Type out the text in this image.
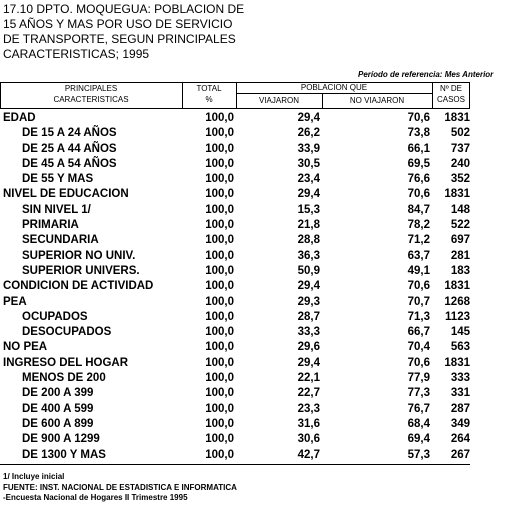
17.10 DPTO. MOQUEGUA: POBLACION DE
15 AÑOS Y MAS POR USO DE SERVICIO
DE TRANSPORTE, SEGUN PRINCIPALES
CARACTERISTICAS; 1995
Período de referencia: Mes Anterior
PRINCIPALES
CARACTERISTICAS
TOTAL
%
POBLACION QUE
VIAJARON	NO VIAJARON
Nº DE
CASOS
EDAD	100,0	29,4	70,6	1831
DE 15 A 24 AÑOS	100,0	26,2	73,8	502
DE 25 A 44 AÑOS	100,0	33,9	66,1	737
DE 45 A 54 AÑOS	100,0	30,5	69,5	240
DE 55 Y MAS	100,0	23,4	76,6	352
NIVEL DE EDUCACION	100,0	29,4	70,6	1831
SIN NIVEL 1/	100,0	15,3	84,7	148
PRIMARIA	100,0	21,8	78,2	522
SECUNDARIA	100,0	28,8	71,2	697
SUPERIOR NO UNIV.	100,0	36,3	63,7	281
SUPERIOR UNIVERS.	100,0	50,9	49,1	183
CONDICION DE ACTIVIDAD	100,0	29,4	70,6	1831
PEA	100,0	29,3	70,7	1268
OCUPADOS	100,0	28,7	71,3	1123
DESOCUPADOS	100,0	33,3	66,7	145
NO PEA	100,0	29,6	70,4	563
INGRESO DEL HOGAR	100,0	29,4	70,6	1831
MENOS DE 200	100,0	22,1	77,9	333
DE 200 A 399	100,0	22,7	77,3	331
DE 400 A 599	100,0	23,3	76,7	287
DE 600 A 899	100,0	31,6	68,4	349
DE 900 A 1299	100,0	30,6	69,4	264
DE 1300 Y MAS	100,0	42,7	57,3	267
1/ Incluye inicial
FUENTE: INST. NACIONAL DE ESTADISTICA E INFORMATICA
-Encuesta Nacional de Hogares II Trimestre 1995
